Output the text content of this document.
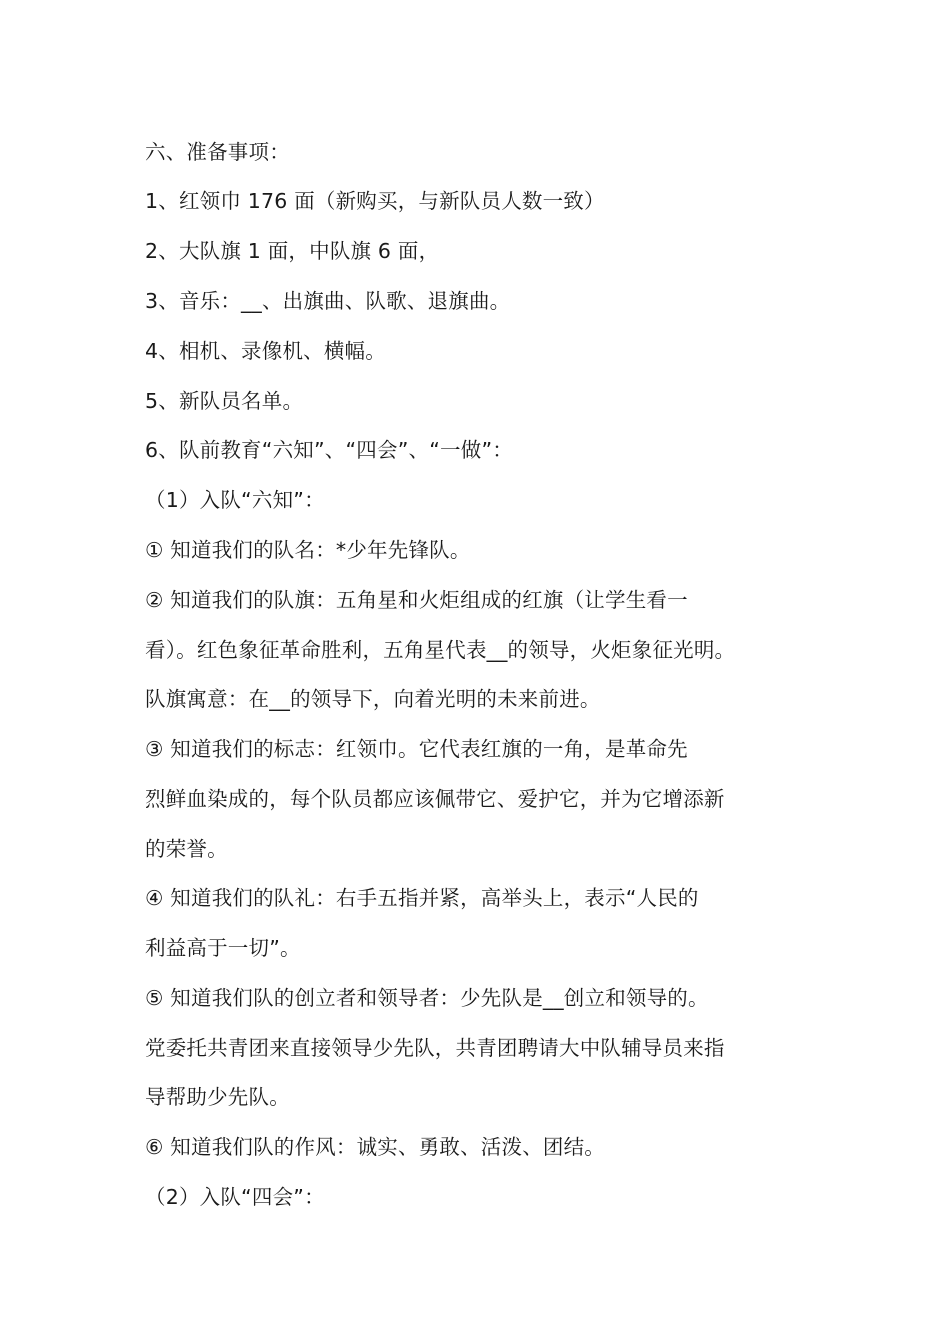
六、准备事项：
1、红领巾 176 面（新购买，与新队员人数一致）
2、大队旗 1 面，中队旗 6 面，
3、音乐：__、出旗曲、队歌、退旗曲。
4、相机、录像机、横幅。
5、新队员名单。
6、队前教育“六知”、“四会”、“一做”：
（1）入队“六知”：
① 知道我们的队名：*少年先锋队。
② 知道我们的队旗：五角星和火炬组成的红旗（让学生看一
看）。红色象征革命胜利，五角星代表__的领导，火炬象征光明。
队旗寓意：在__的领导下，向着光明的未来前进。
③ 知道我们的标志：红领巾。它代表红旗的一角，是革命先
烈鲜血染成的，每个队员都应该佩带它、爱护它，并为它增添新
的荣誉。
④ 知道我们的队礼：右手五指并紧，高举头上，表示“人民的
利益高于一切”。
⑤ 知道我们队的创立者和领导者：少先队是__创立和领导的。
党委托共青团来直接领导少先队，共青团聘请大中队辅导员来指
导帮助少先队。
⑥ 知道我们队的作风：诚实、勇敢、活泼、团结。
（2）入队“四会”：
